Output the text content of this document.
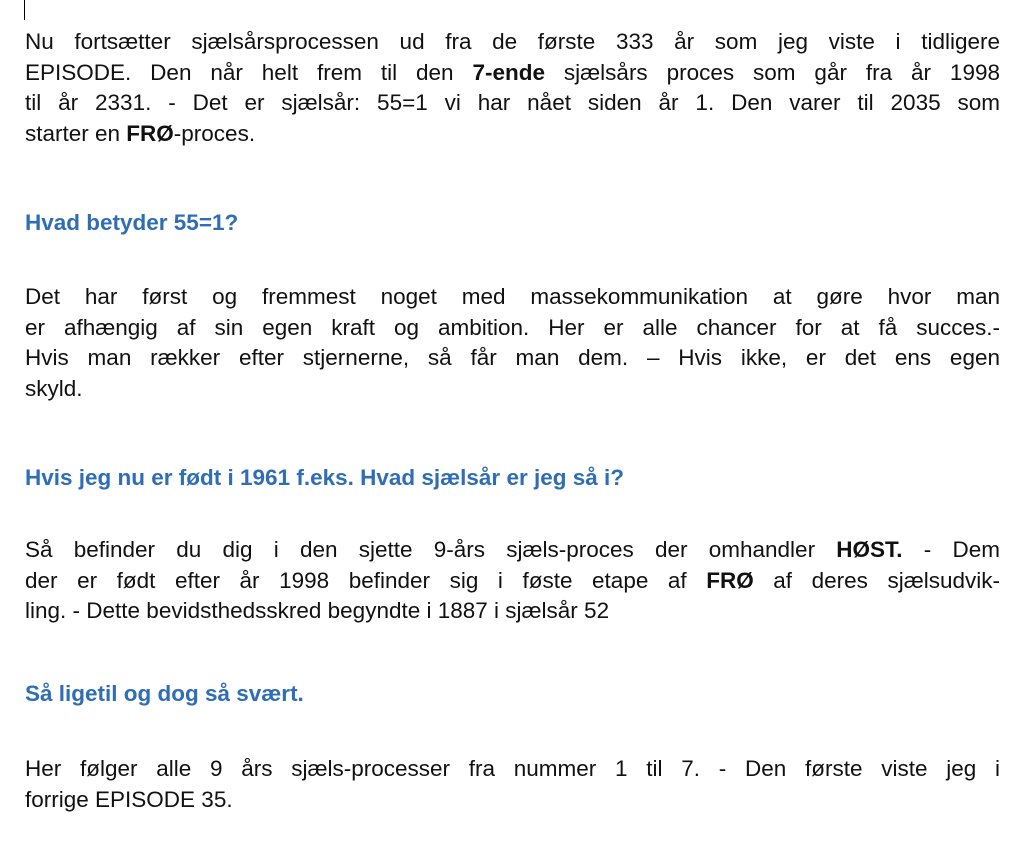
Nu fortsætter sjælsårsprocessen ud fra de første 333 år som jeg viste i tidligere
EPISODE. Den når helt frem til den 7-ende sjælsårs proces som går fra år 1998
til år 2331. - Det er sjælsår: 55=1 vi har nået siden år 1. Den varer til 2035 som
starter en FRØ-proces.
Hvad betyder 55=1?
Det har først og fremmest noget med massekommunikation at gøre hvor man
er afhængig af sin egen kraft og ambition. Her er alle chancer for at få succes.-
Hvis man rækker efter stjernerne, så får man dem. – Hvis ikke, er det ens egen
skyld.
Hvis jeg nu er født i 1961 f.eks. Hvad sjælsår er jeg så i?
Så befinder du dig i den sjette 9-års sjæls-proces der omhandler HØST. - Dem
der er født efter år 1998 befinder sig i føste etape af FRØ af deres sjælsudvik-
ling. - Dette bevidsthedsskred begyndte i 1887 i sjælsår 52
Så ligetil og dog så svært.
Her følger alle 9 års sjæls-processer fra nummer 1 til 7. - Den første viste jeg i
forrige EPISODE 35.
